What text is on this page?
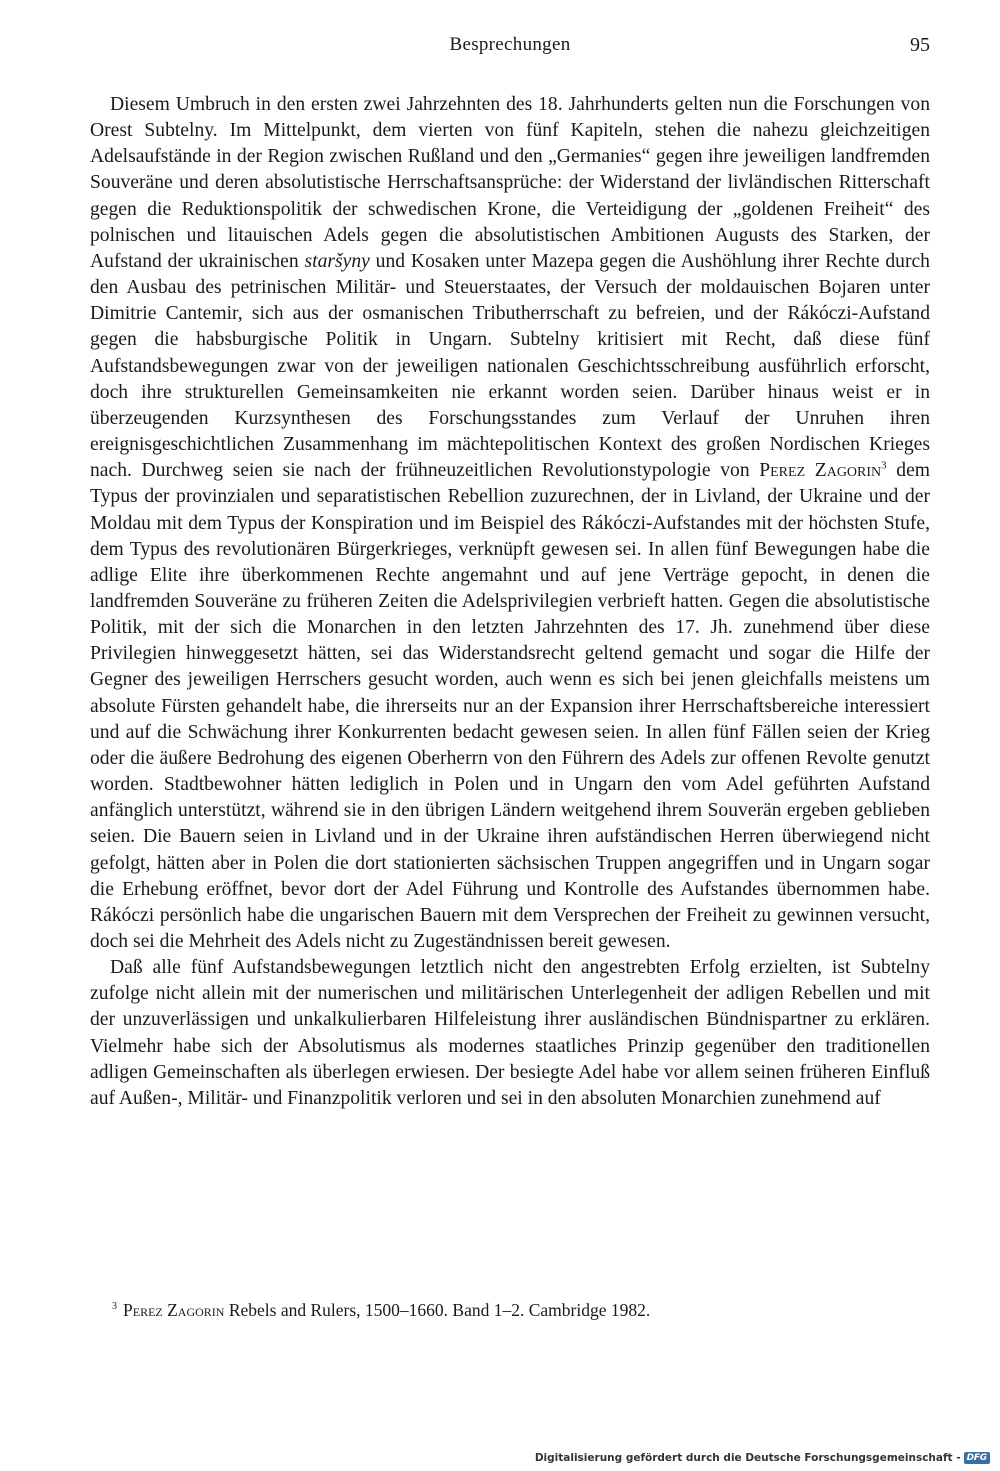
Besprechungen	95

Diesem Umbruch in den ersten zwei Jahrzehnten des 18. Jahrhunderts gelten nun die Forschungen von Orest Subtelny. Im Mittelpunkt, dem vierten von fünf Kapiteln, stehen die nahezu gleichzeitigen Adelsaufstände in der Region zwischen Rußland und den „Germanies“ gegen ihre jeweiligen landfremden Souveräne und deren absolutistische Herrschaftsansprüche: der Widerstand der livländischen Ritterschaft gegen die Reduktionspolitik der schwedischen Krone, die Verteidigung der „goldenen Freiheit“ des polnischen und litauischen Adels gegen die absolutistischen Ambitionen Augusts des Starken, der Aufstand der ukrainischen staršyny und Kosaken unter Mazepa gegen die Aushöhlung ihrer Rechte durch den Ausbau des petrinischen Militär- und Steuerstaates, der Versuch der moldauischen Bojaren unter Dimitrie Cantemir, sich aus der osmanischen Tributherrschaft zu befreien, und der Rákóczi-Aufstand gegen die habsburgische Politik in Ungarn. Subtelny kritisiert mit Recht, daß diese fünf Aufstandsbewegungen zwar von der jeweiligen nationalen Geschichtsschreibung ausführlich erforscht, doch ihre strukturellen Gemeinsamkeiten nie erkannt worden seien. Darüber hinaus weist er in überzeugenden Kurzsynthesen des Forschungsstandes zum Verlauf der Unruhen ihren ereignisgeschichtlichen Zusammenhang im mächtepolitischen Kontext des großen Nordischen Krieges nach. Durchweg seien sie nach der frühneuzeitlichen Revolutionstypologie von Perez Zagorin$^3$ dem Typus der provinzialen und separatistischen Rebellion zuzurechnen, der in Livland, der Ukraine und der Moldau mit dem Typus der Konspiration und im Beispiel des Rákóczi-Aufstandes mit der höchsten Stufe, dem Typus des revolutionären Bürgerkrieges, verknüpft gewesen sei. In allen fünf Bewegungen habe die adlige Elite ihre überkommenen Rechte angemahnt und auf jene Verträge gepocht, in denen die landfremden Souveräne zu früheren Zeiten die Adelsprivilegien verbrieft hatten. Gegen die absolutistische Politik, mit der sich die Monarchen in den letzten Jahrzehnten des 17. Jh. zunehmend über diese Privilegien hinweggesetzt hätten, sei das Widerstandsrecht geltend gemacht und sogar die Hilfe der Gegner des jeweiligen Herrschers gesucht worden, auch wenn es sich bei jenen gleichfalls meistens um absolute Fürsten gehandelt habe, die ihrerseits nur an der Expansion ihrer Herrschaftsbereiche interessiert und auf die Schwächung ihrer Konkurrenten bedacht gewesen seien. In allen fünf Fällen seien der Krieg oder die äußere Bedrohung des eigenen Oberherrn von den Führern des Adels zur offenen Revolte genutzt worden. Stadtbewohner hätten lediglich in Polen und in Ungarn den vom Adel geführten Aufstand anfänglich unterstützt, während sie in den übrigen Ländern weitgehend ihrem Souverän ergeben geblieben seien. Die Bauern seien in Livland und in der Ukraine ihren aufständischen Herren überwiegend nicht gefolgt, hätten aber in Polen die dort stationierten sächsischen Truppen angegriffen und in Ungarn sogar die Erhebung eröffnet, bevor dort der Adel Führung und Kontrolle des Aufstandes übernommen habe. Rákóczi persönlich habe die ungarischen Bauern mit dem Versprechen der Freiheit zu gewinnen versucht, doch sei die Mehrheit des Adels nicht zu Zugeständnissen bereit gewesen.

Daß alle fünf Aufstandsbewegungen letztlich nicht den angestrebten Erfolg erzielten, ist Subtelny zufolge nicht allein mit der numerischen und militärischen Unterlegenheit der adligen Rebellen und mit der unzuverlässigen und unkalkulierbaren Hilfeleistung ihrer ausländischen Bündnispartner zu erklären. Vielmehr habe sich der Absolutismus als modernes staatliches Prinzip gegenüber den traditionellen adligen Gemeinschaften als überlegen erwiesen. Der besiegte Adel habe vor allem seinen früheren Einfluß auf Außen-, Militär- und Finanzpolitik verloren und sei in den absoluten Monarchien zunehmend auf

$^3$ Perez Zagorin Rebels and Rulers, 1500–1660. Band 1–2. Cambridge 1982.
Digitalisierung gefördert durch die Deutsche Forschungsgemeinschaft - DFG
